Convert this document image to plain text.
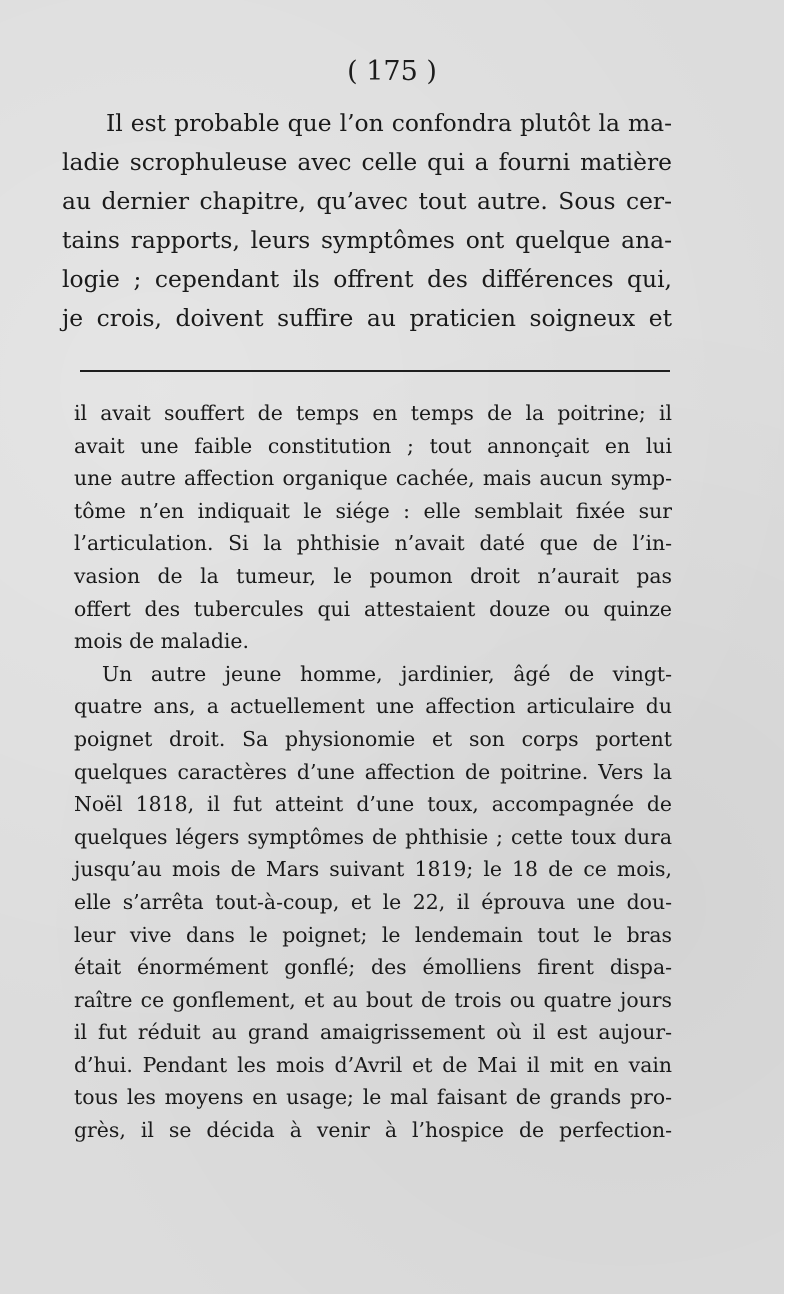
( 175 )
Il est probable que l’on confondra plutôt la ma-
ladie scrophuleuse avec celle qui a fourni matière
au dernier chapitre, qu’avec tout autre. Sous cer-
tains rapports, leurs symptômes ont quelque ana-
logie ; cependant ils offrent des différences qui,
je crois, doivent suffire au praticien soigneux et
il avait souffert de temps en temps de la poitrine; il
avait une faible constitution ; tout annonçait en lui
une autre affection organique cachée, mais aucun symp-
tôme n’en indiquait le siége : elle semblait fixée sur
l’articulation. Si la phthisie n’avait daté que de l’in-
vasion de la tumeur, le poumon droit n’aurait pas
offert des tubercules qui attestaient douze ou quinze
mois de maladie.
Un autre jeune homme, jardinier, âgé de vingt-
quatre ans, a actuellement une affection articulaire du
poignet droit. Sa physionomie et son corps portent
quelques caractères d’une affection de poitrine. Vers la
Noël 1818, il fut atteint d’une toux, accompagnée de
quelques légers symptômes de phthisie ; cette toux dura
jusqu’au mois de Mars suivant 1819; le 18 de ce mois,
elle s’arrêta tout-à-coup, et le 22, il éprouva une dou-
leur vive dans le poignet; le lendemain tout le bras
était énormément gonflé; des émolliens firent dispa-
raître ce gonflement, et au bout de trois ou quatre jours
il fut réduit au grand amaigrissement où il est aujour-
d’hui. Pendant les mois d’Avril et de Mai il mit en vain
tous les moyens en usage; le mal faisant de grands pro-
grès, il se décida à venir à l’hospice de perfection-
